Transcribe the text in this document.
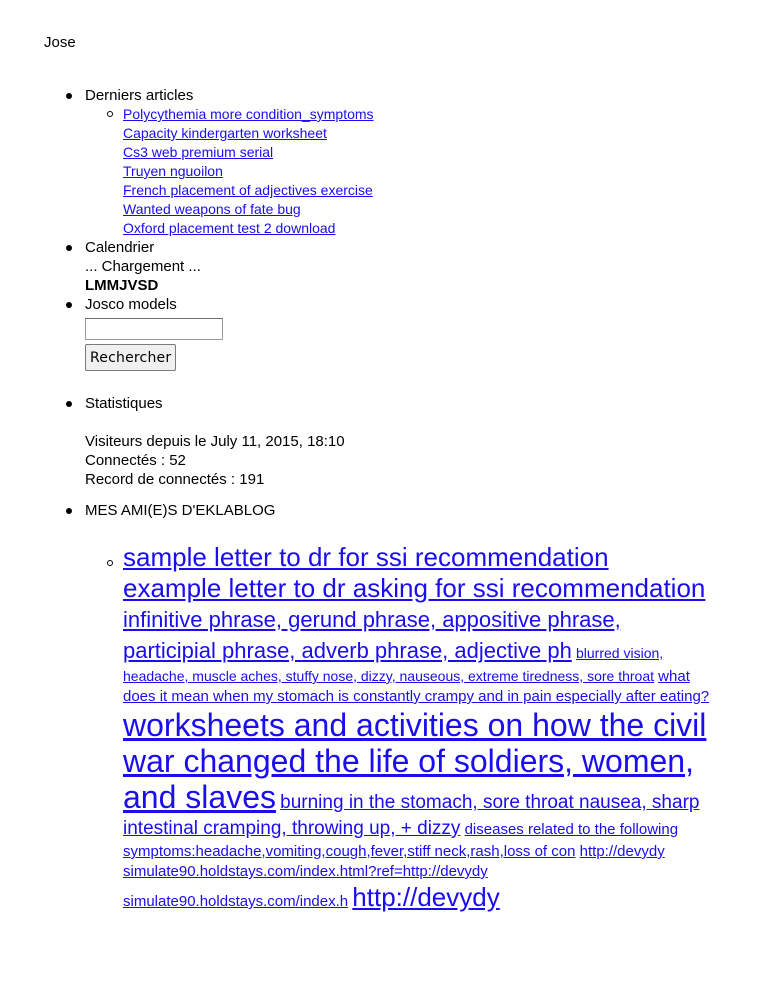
Jose
Derniers articles
Polycythemia more condition_symptoms
Capacity kindergarten worksheet
Cs3 web premium serial
Truyen nguoilon
French placement of adjectives exercise
Wanted weapons of fate bug
Oxford placement test 2 download
Calendrier
... Chargement ...
LMMJVSD
Josco models
Rechercher
Statistiques
Visiteurs depuis le July 11, 2015, 18:10
Connectés : 52
Record de connectés : 191
MES AMI(E)S D'EKLABLOG
sample letter to dr for ssi recommendation example letter to dr asking for ssi recommendation infinitive phrase, gerund phrase, appositive phrase, participial phrase, adverb phrase, adjective ph blurred vision, headache, muscle aches, stuffy nose, dizzy, nauseous, extreme tiredness, sore throat what does it mean when my stomach is constantly crampy and in pain especially after eating? worksheets and activities on how the civil war changed the life of soldiers, women, and slaves burning in the stomach, sore throat nausea, sharp intestinal cramping, throwing up, + dizzy diseases related to the following symptoms:headache,vomiting,cough,fever,stiff neck,rash,loss of con http://devydy simulate90.holdstays.com/index.html?ref=http://devydy simulate90.holdstays.com/index.h http://devydy
